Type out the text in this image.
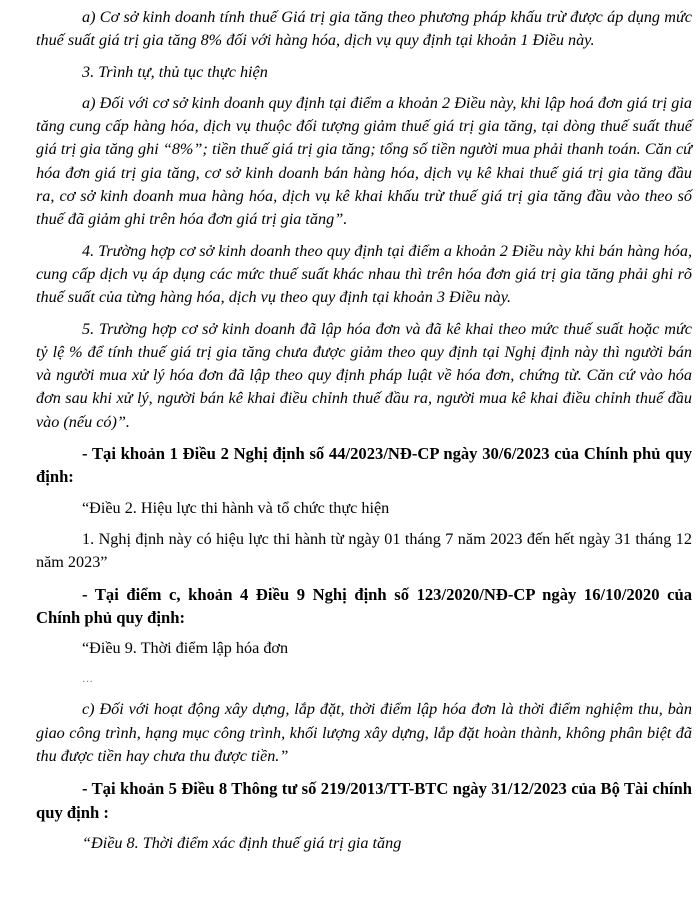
a) Cơ sở kinh doanh tính thuế Giá trị gia tăng theo phương pháp khấu trừ được áp dụng mức thuế suất giá trị gia tăng 8% đối với hàng hóa, dịch vụ quy định tại khoản 1 Điều này.

3. Trình tự, thủ tục thực hiện

a) Đối với cơ sở kinh doanh quy định tại điểm a khoản 2 Điều này, khi lập hoá đơn giá trị gia tăng cung cấp hàng hóa, dịch vụ thuộc đối tượng giảm thuế giá trị gia tăng, tại dòng thuế suất thuế giá trị gia tăng ghi “8%”; tiền thuế giá trị gia tăng; tổng số tiền người mua phải thanh toán. Căn cứ hóa đơn giá trị gia tăng, cơ sở kinh doanh bán hàng hóa, dịch vụ kê khai thuế giá trị gia tăng đầu ra, cơ sở kinh doanh mua hàng hóa, dịch vụ kê khai khấu trừ thuế giá trị gia tăng đầu vào theo số thuế đã giảm ghi trên hóa đơn giá trị gia tăng”.

4. Trường hợp cơ sở kinh doanh theo quy định tại điểm a khoản 2 Điều này khi bán hàng hóa, cung cấp dịch vụ áp dụng các mức thuế suất khác nhau thì trên hóa đơn giá trị gia tăng phải ghi rõ thuế suất của từng hàng hóa, dịch vụ theo quy định tại khoản 3 Điều này.

5. Trường hợp cơ sở kinh doanh đã lập hóa đơn và đã kê khai theo mức thuế suất hoặc mức tỷ lệ % để tính thuế giá trị gia tăng chưa được giảm theo quy định tại Nghị định này thì người bán và người mua xử lý hóa đơn đã lập theo quy định pháp luật về hóa đơn, chứng từ. Căn cứ vào hóa đơn sau khi xử lý, người bán kê khai điều chỉnh thuế đầu ra, người mua kê khai điều chỉnh thuế đầu vào (nếu có)”.

- Tại khoản 1 Điều 2 Nghị định số 44/2023/NĐ-CP ngày 30/6/2023 của Chính phủ quy định:

“Điều 2. Hiệu lực thi hành và tổ chức thực hiện

1. Nghị định này có hiệu lực thi hành từ ngày 01 tháng 7 năm 2023 đến hết ngày 31 tháng 12 năm 2023”

- Tại điểm c, khoản 4 Điều 9 Nghị định số 123/2020/NĐ-CP ngày 16/10/2020 của Chính phủ quy định:

“Điều 9. Thời điểm lập hóa đơn

…

c) Đối với hoạt động xây dựng, lắp đặt, thời điểm lập hóa đơn là thời điểm nghiệm thu, bàn giao công trình, hạng mục công trình, khối lượng xây dựng, lắp đặt hoàn thành, không phân biệt đã thu được tiền hay chưa thu được tiền.”

- Tại khoản 5 Điều 8 Thông tư số 219/2013/TT-BTC ngày 31/12/2023 của Bộ Tài chính quy định :

“Điều 8. Thời điểm xác định thuế giá trị gia tăng
